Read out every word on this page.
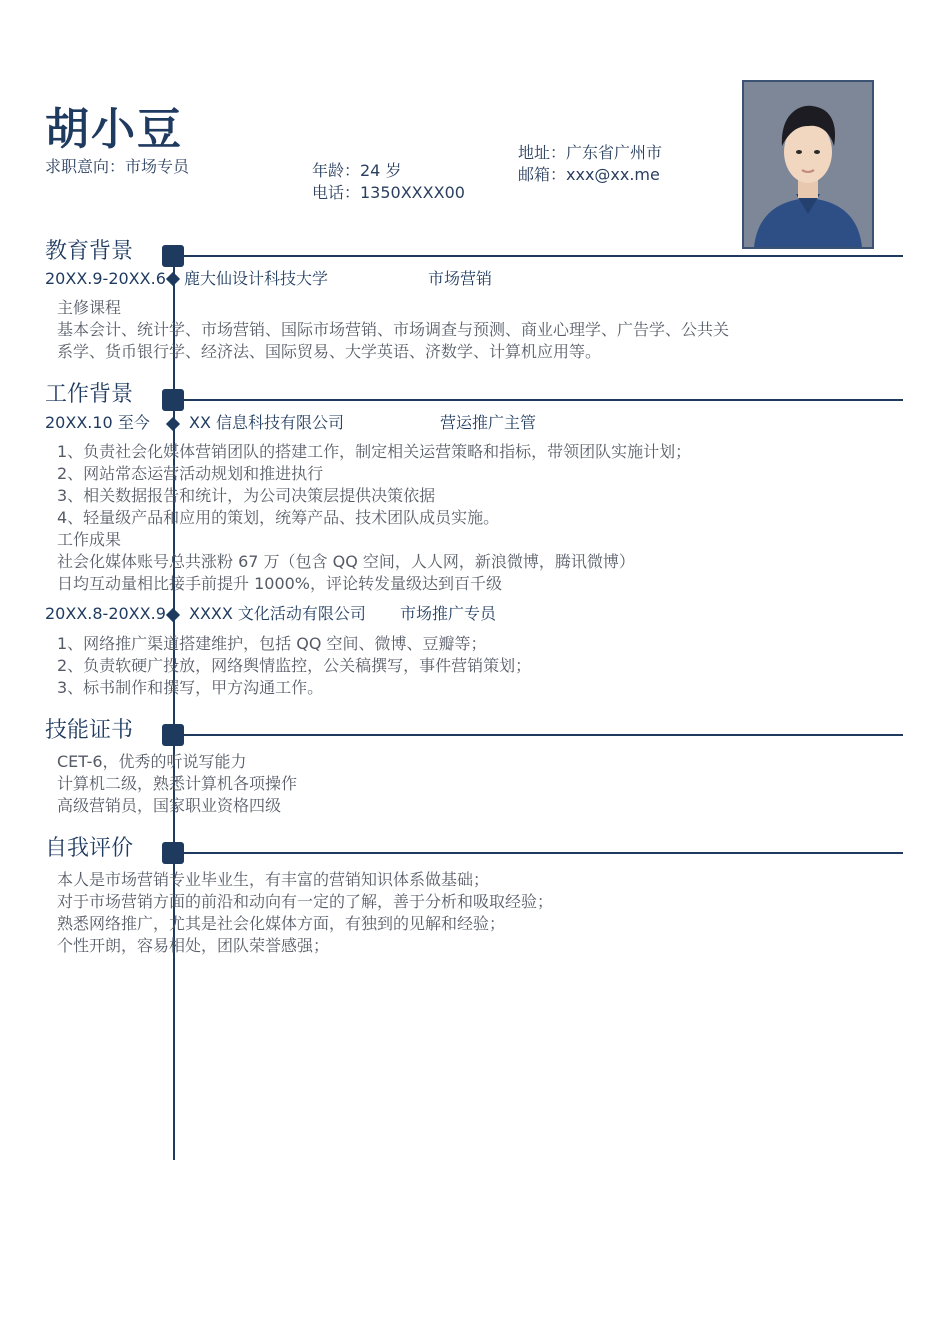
胡小豆
求职意向：市场专员	年龄：24 岁
电话：1350XXXX00
地址：广东省广州市
邮箱：xxx@xx.me
教育背景
20XX.9-20XX.6 鹿大仙设计科技大学	市场营销
主修课程
基本会计、统计学、市场营销、国际市场营销、市场调查与预测、商业心理学、广告学、公共关
系学、货币银行学、经济法、国际贸易、大学英语、济数学、计算机应用等。
工作背景
20XX.10 至今 XX 信息科技有限公司	营运推广主管
1、负责社会化媒体营销团队的搭建工作，制定相关运营策略和指标，带领团队实施计划；
2、网站常态运营活动规划和推进执行
3、相关数据报告和统计，为公司决策层提供决策依据
4、轻量级产品和应用的策划，统筹产品、技术团队成员实施。
工作成果
社会化媒体账号总共涨粉 67 万（包含 QQ 空间，人人网，新浪微博，腾讯微博）
日均互动量相比接手前提升 1000%，评论转发量级达到百千级
20XX.8-20XX.9 XXXX 文化活动有限公司 市场推广专员
1、网络推广渠道搭建维护，包括 QQ 空间、微博、豆瓣等；
2、负责软硬广投放，网络舆情监控，公关稿撰写，事件营销策划；
3、标书制作和撰写，甲方沟通工作。
技能证书
CET-6，优秀的听说写能力
计算机二级，熟悉计算机各项操作
高级营销员，国家职业资格四级
自我评价
本人是市场营销专业毕业生，有丰富的营销知识体系做基础；
对于市场营销方面的前沿和动向有一定的了解，善于分析和吸取经验；
熟悉网络推广，尤其是社会化媒体方面，有独到的见解和经验；
个性开朗，容易相处，团队荣誉感强；
